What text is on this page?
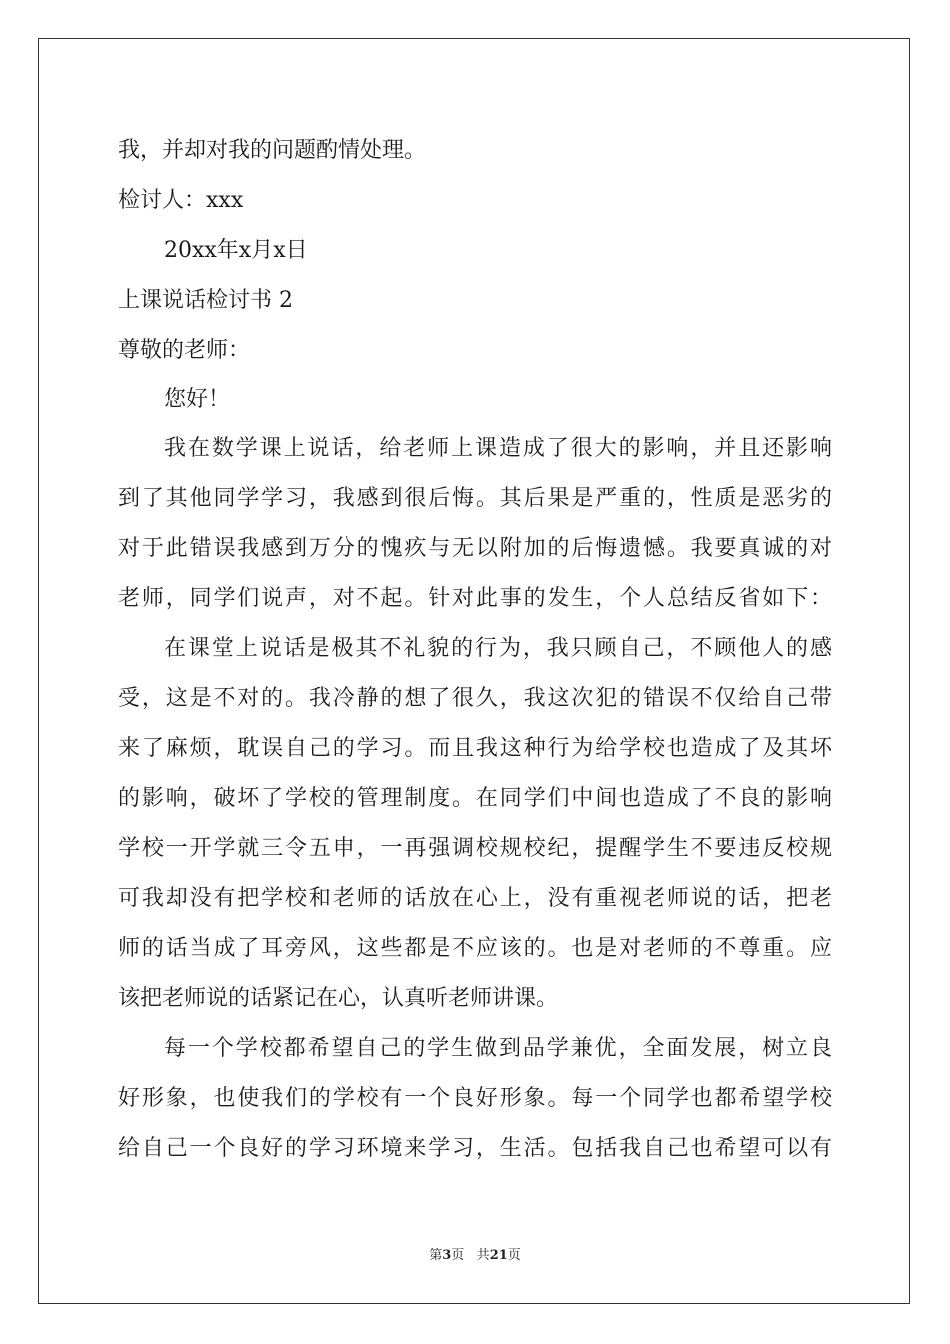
我，并却对我的问题酌情处理。
检讨人：xxx
20xx年x月x日
上课说话检讨书 2
尊敬的老师：
您好！
我在数学课上说话，给老师上课造成了很大的影响，并且还影响
到了其他同学学习，我感到很后悔。其后果是严重的，性质是恶劣的
对于此错误我感到万分的愧疚与无以附加的后悔遗憾。我要真诚的对
老师，同学们说声，对不起。针对此事的发生，个人总结反省如下：
在课堂上说话是极其不礼貌的行为，我只顾自己，不顾他人的感
受，这是不对的。我冷静的想了很久，我这次犯的错误不仅给自己带
来了麻烦，耽误自己的学习。而且我这种行为给学校也造成了及其坏
的影响，破坏了学校的管理制度。在同学们中间也造成了不良的影响
学校一开学就三令五申，一再强调校规校纪，提醒学生不要违反校规
可我却没有把学校和老师的话放在心上，没有重视老师说的话，把老
师的话当成了耳旁风，这些都是不应该的。也是对老师的不尊重。应
该把老师说的话紧记在心，认真听老师讲课。
每一个学校都希望自己的学生做到品学兼优，全面发展，树立良
好形象，也使我们的学校有一个良好形象。每一个同学也都希望学校
给自己一个良好的学习环境来学习，生活。包括我自己也希望可以有
第3页 共21页
